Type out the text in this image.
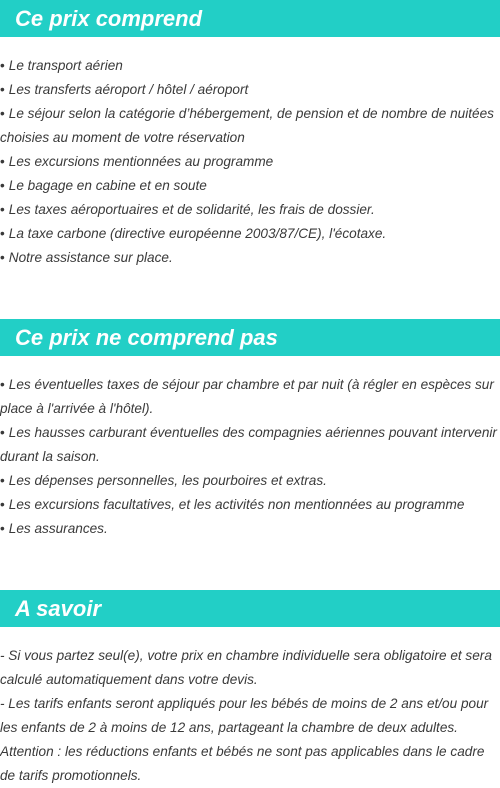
Ce prix comprend
• Le transport aérien
• Les transferts aéroport / hôtel / aéroport
• Le séjour selon la catégorie d’hébergement, de pension et de nombre de nuitées choisies au moment de votre réservation
• Les excursions mentionnées au programme
• Le bagage en cabine et en soute
• Les taxes aéroportuaires et de solidarité, les frais de dossier.
• La taxe carbone (directive européenne 2003/87/CE), l'écotaxe.
• Notre assistance sur place.
Ce prix ne comprend pas
• Les éventuelles taxes de séjour par chambre et par nuit (à régler en espèces sur place à l'arrivée à l'hôtel).
• Les hausses carburant éventuelles des compagnies aériennes pouvant intervenir durant la saison.
• Les dépenses personnelles, les pourboires et extras.
• Les excursions facultatives, et les activités non mentionnées au programme
• Les assurances.
A savoir

- Si vous partez seul(e), votre prix en chambre individuelle sera obligatoire et sera calculé automatiquement dans votre devis.

- Les tarifs enfants seront appliqués pour les bébés de moins de 2 ans et/ou pour les enfants de 2 à moins de 12 ans, partageant la chambre de deux adultes.

Attention : les réductions enfants et bébés ne sont pas applicables dans le cadre de tarifs promotionnels.
